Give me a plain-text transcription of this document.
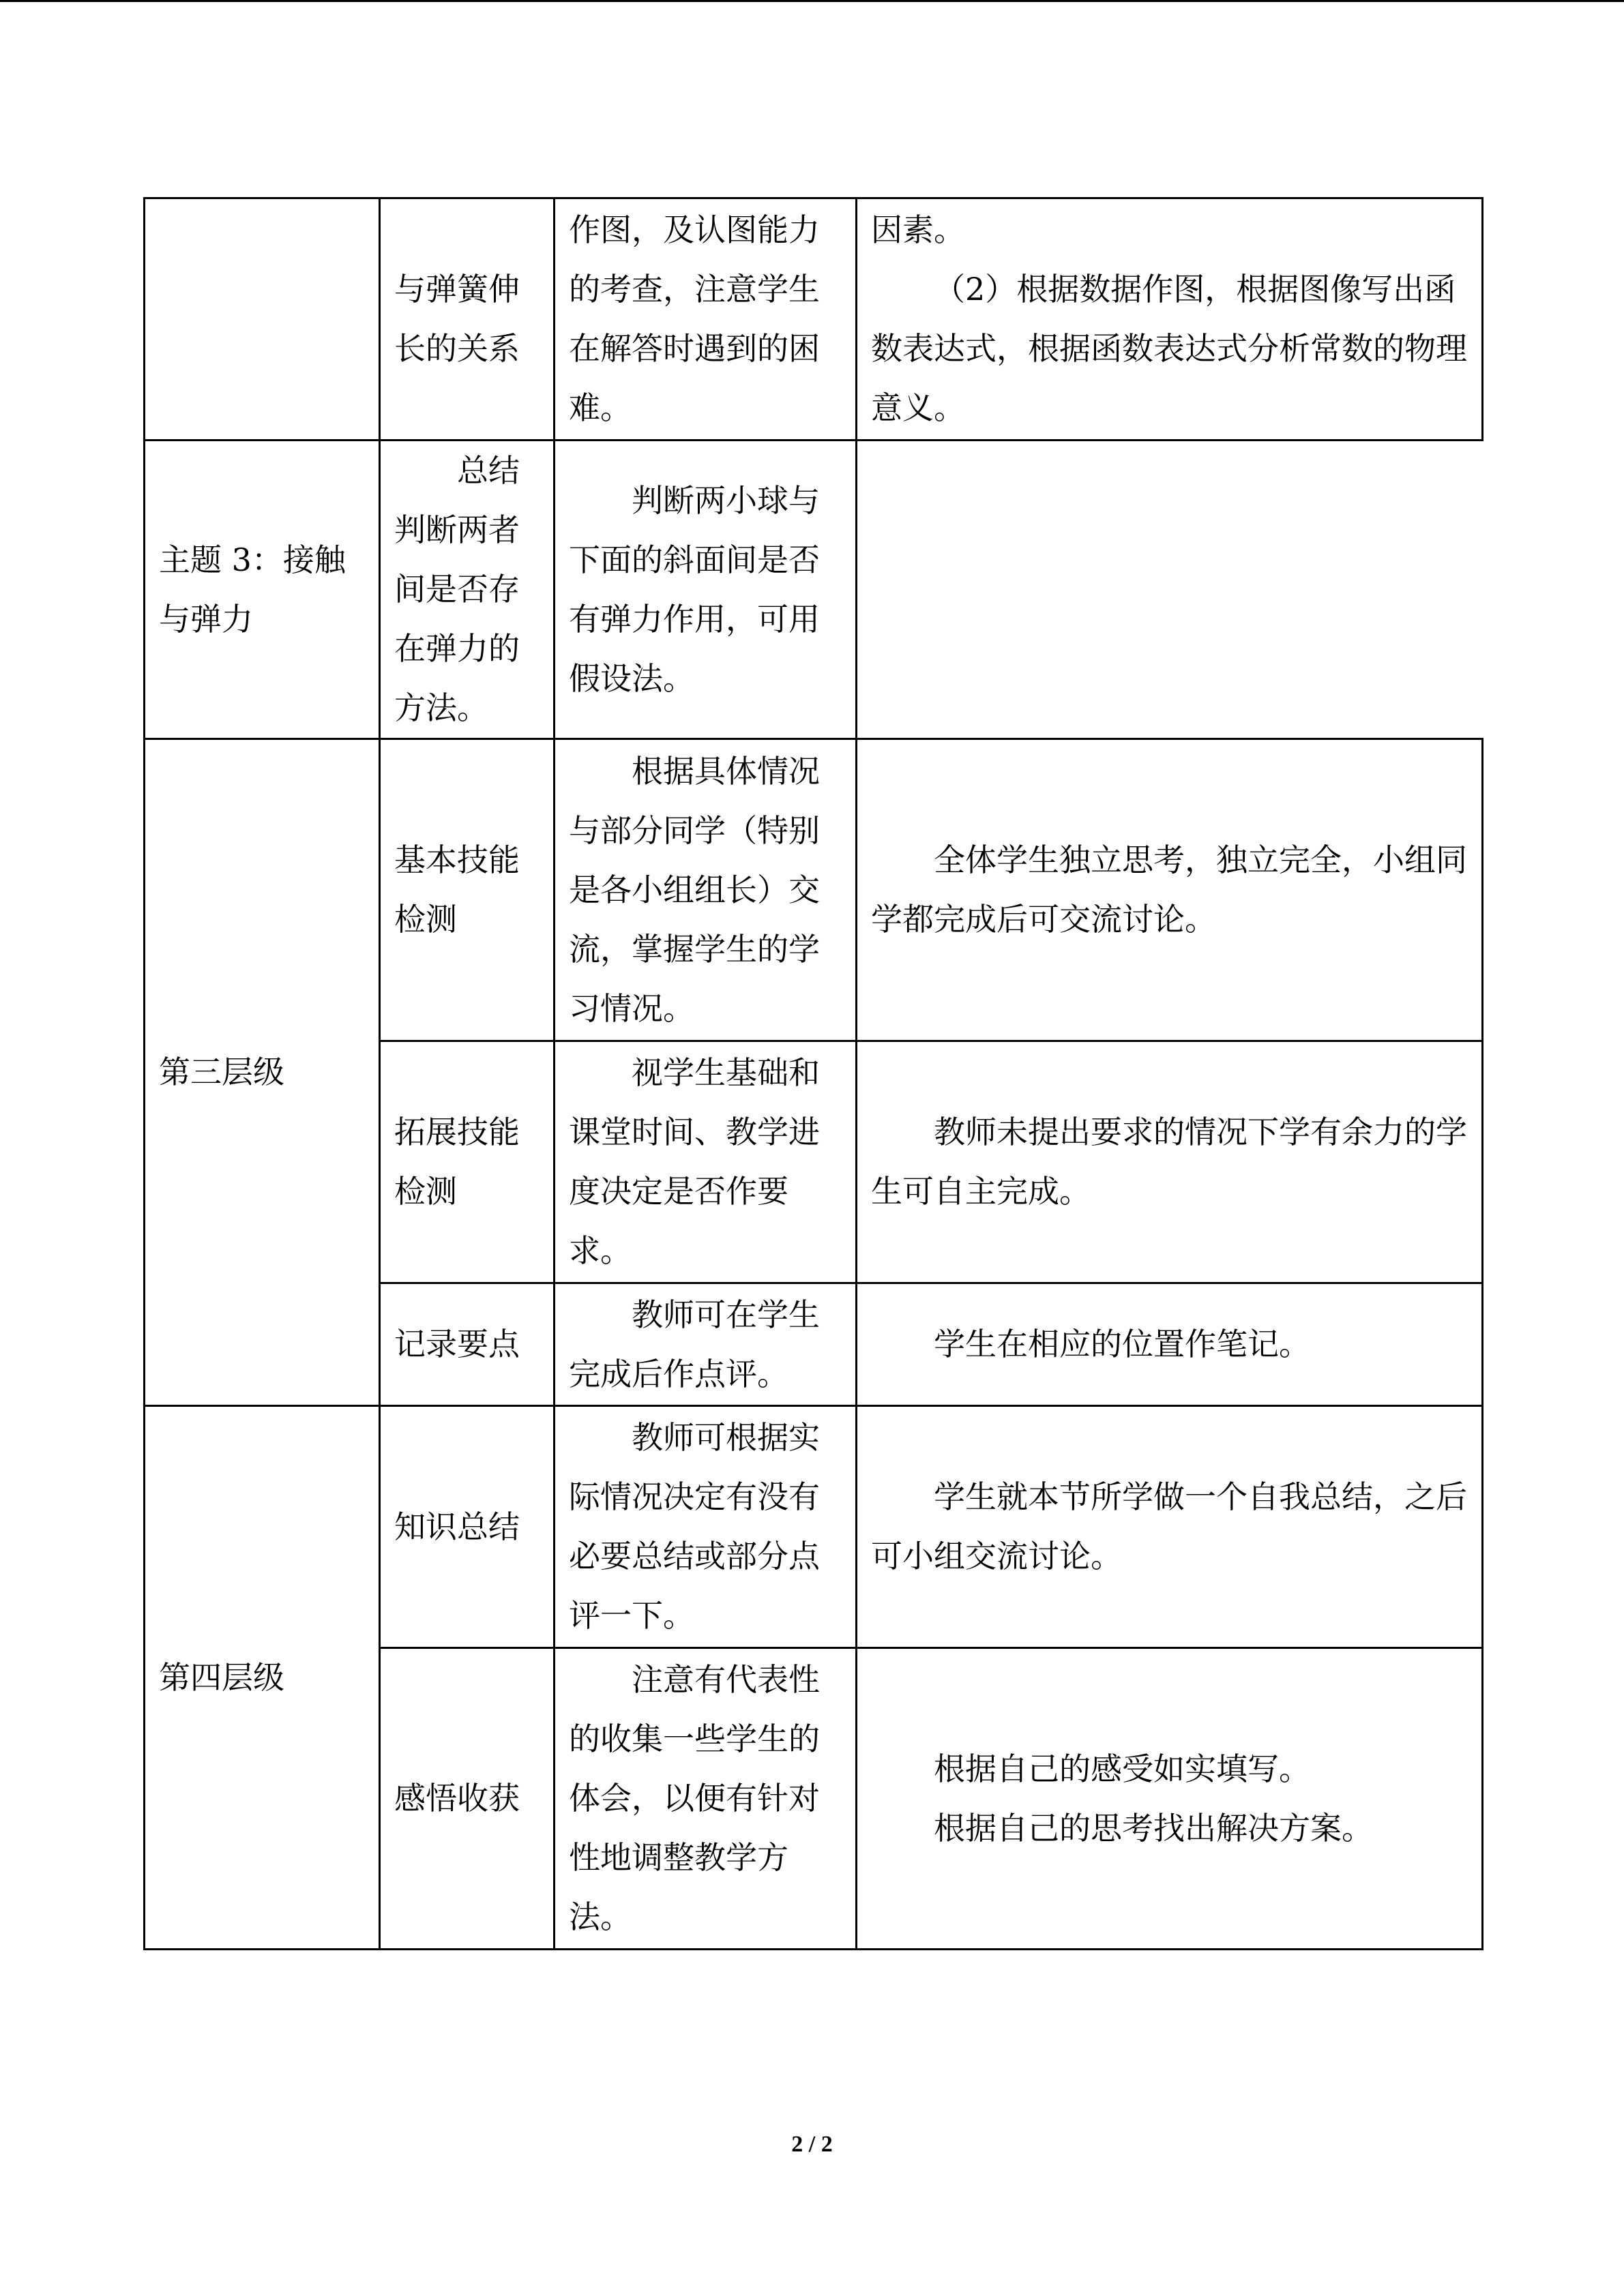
	与弹簧伸长的关系	作图，及认图能力的考查，注意学生在解答时遇到的困难。	因素。

（2）根据数据作图，根据图像写出函数表达式，根据函数表达式分析常数的物理意义。

主题 3：接触与弹力	总结判断两者间是否存在弹力的方法。	判断两小球与下面的斜面间是否有弹力作用，可用假设法。	
第三层级	基本技能检测	根据具体情况与部分同学（特别是各小组组长）交流，掌握学生的学习情况。	全体学生独立思考，独立完全，小组同学都完成后可交流讨论。
	拓展技能检测	视学生基础和课堂时间、教学进度决定是否作要求。	教师未提出要求的情况下学有余力的学生可自主完成。
	记录要点	教师可在学生完成后作点评。	学生在相应的位置作笔记。
第四层级	知识总结	教师可根据实际情况决定有没有必要总结或部分点评一下。	学生就本节所学做一个自我总结，之后可小组交流讨论。
	感悟收获	注意有代表性的收集一些学生的体会，以便有针对性地调整教学方法。	根据自己的感受如实填写。

根据自己的思考找出解决方案。

2 / 2
